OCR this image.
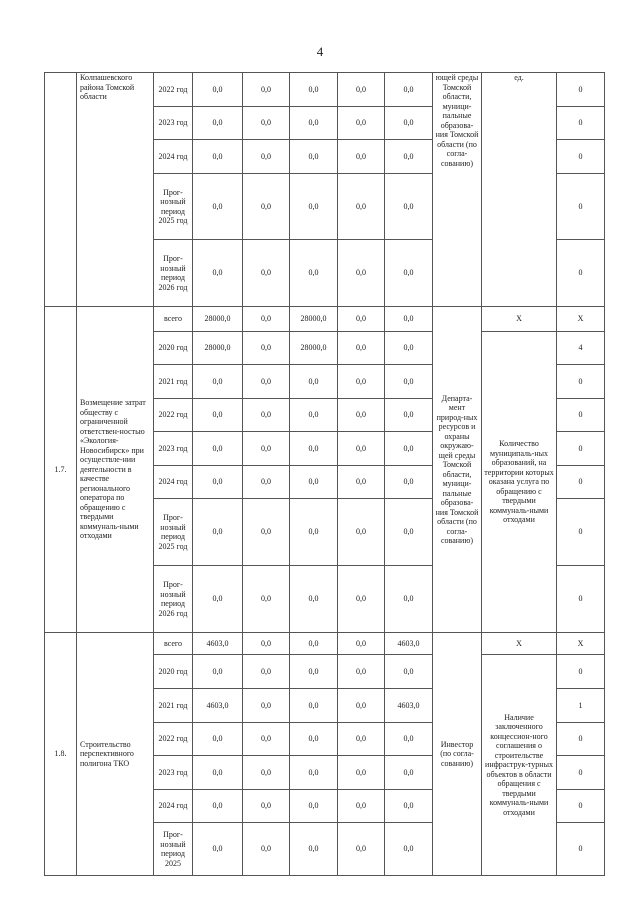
4
	Колпашевского района Томской области	2022 год	0,0	0,0	0,0	0,0	0,0	ющей среды Томской области, муници-пальные образова-ния Томской области (по согла-сованию)	ед.	0
		2023 год	0,0	0,0	0,0	0,0	0,0			0
		2024 год	0,0	0,0	0,0	0,0	0,0			0
		Прог-нозный период 2025 год	0,0	0,0	0,0	0,0	0,0			0
		Прог-нозный период 2026 год	0,0	0,0	0,0	0,0	0,0			0
1.7.	Возмещение затрат обществу с ограниченной ответствен-ностью «Экология-Новосибирск» при осуществле-нии деятельности в качестве регионального оператора по обращению с твердыми коммуналь-ными отходами	всего	28000,0	0,0	28000,0	0,0	0,0	Департа-мент природ-ных ресурсов и охраны окружаю-щей среды Томской области, муници-пальные образова-ния Томской области (по согла-сованию)	Х	Х
		2020 год	28000,0	0,0	28000,0	0,0	0,0		Количество муниципаль-ных образований, на территории которых оказана услуга по обращению с твердыми коммуналь-ными отходами	4
		2021 год	0,0	0,0	0,0	0,0	0,0			0
		2022 год	0,0	0,0	0,0	0,0	0,0			0
		2023 год	0,0	0,0	0,0	0,0	0,0			0
		2024 год	0,0	0,0	0,0	0,0	0,0			0
		Прог-нозный период 2025 год	0,0	0,0	0,0	0,0	0,0			0
		Прог-нозный период 2026 год	0,0	0,0	0,0	0,0	0,0			0
1.8.	Строительство перспективного полигона ТКО	всего	4603,0	0,0	0,0	0,0	4603,0	Инвестор (по согла-сованию)	Х	Х
		2020 год	0,0	0,0	0,0	0,0	0,0		Наличие заключенного концессион-ного соглашения о строительстве инфраструк-турных объектов в области обращения с твердыми коммуналь-ными отходами	0
		2021 год	4603,0	0,0	0,0	0,0	4603,0			1
		2022 год	0,0	0,0	0,0	0,0	0,0			0
		2023 год	0,0	0,0	0,0	0,0	0,0			0
		2024 год	0,0	0,0	0,0	0,0	0,0			0
		Прог-нозный период 2025	0,0	0,0	0,0	0,0	0,0			0
